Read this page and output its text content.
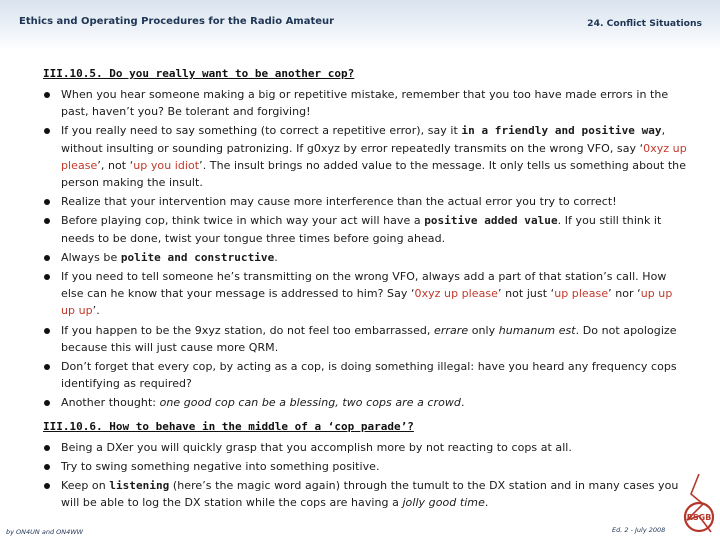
Ethics and Operating Procedures for the Radio Amateur	24. Conflict Situations
III.10.5. Do you really want to be another cop?
When you hear someone making a big or repetitive mistake, remember that you too have made errors in the past, haven’t you? Be tolerant and forgiving!
If you really need to say something (to correct a repetitive error), say it in a friendly and positive way, without insulting or sounding patronizing. If g0xyz by error repeatedly transmits on the wrong VFO, say ‘0xyz up please’, not ‘up you idiot’. The insult brings no added value to the message. It only tells us something about the person making the insult.
Realize that your intervention may cause more interference than the actual error you try to correct!
Before playing cop, think twice in which way your act will have a positive added value. If you still think it needs to be done, twist your tongue three times before going ahead.
Always be polite and constructive.
If you need to tell someone he’s transmitting on the wrong VFO, always add a part of that station’s call. How else can he know that your message is addressed to him? Say ‘0xyz up please’ not just ‘up please’ nor ‘up up up up’.
If you happen to be the 9xyz station, do not feel too embarrassed, errare only humanum est. Do not apologize because this will just cause more QRM.
Don’t forget that every cop, by acting as a cop, is doing something illegal: have you heard any frequency cops identifying as required?
Another thought: one good cop can be a blessing, two cops are a crowd.
III.10.6. How to behave in the middle of a ‘cop parade’?
Being a DXer you will quickly grasp that you accomplish more by not reacting to cops at all.
Try to swing something negative into something positive.
Keep on listening (here’s the magic word again) through the tumult to the DX station and in many cases you will be able to log the DX station while the cops are having a jolly good time.
by ON4UN and ON4WW	Ed. 2 - July 2008
RSGB
